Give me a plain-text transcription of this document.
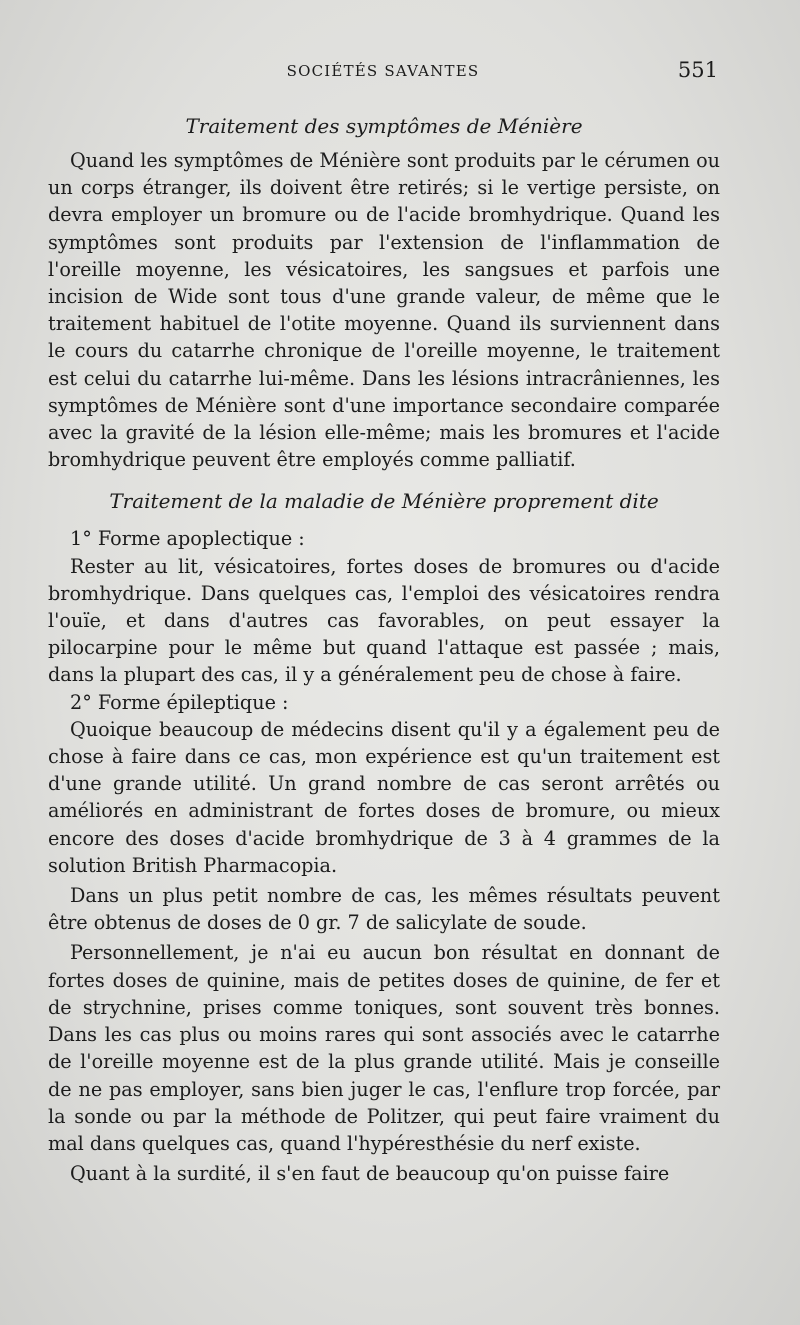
SOCIÉTÉS SAVANTES	551

Traitement des symptômes de Ménière

Quand les symptômes de Ménière sont produits par le cérumen ou un corps étranger, ils doivent être retirés; si le vertige persiste, on devra employer un bromure ou de l'acide bromhydrique. Quand les symptômes sont produits par l'extension de l'inflammation de l'oreille moyenne, les vésicatoires, les sangsues et parfois une incision de Wide sont tous d'une grande valeur, de même que le traitement habituel de l'otite moyenne. Quand ils surviennent dans le cours du catarrhe chronique de l'oreille moyenne, le traitement est celui du catarrhe lui-même. Dans les lésions intracrâniennes, les symptômes de Ménière sont d'une importance secondaire comparée avec la gravité de la lésion elle-même; mais les bromures et l'acide bromhydrique peuvent être employés comme palliatif.

Traitement de la maladie de Ménière proprement dite

1° Forme apoplectique :

Rester au lit, vésicatoires, fortes doses de bromures ou d'acide bromhydrique. Dans quelques cas, l'emploi des vésicatoires rendra l'ouïe, et dans d'autres cas favorables, on peut essayer la pilocarpine pour le même but quand l'attaque est passée ; mais, dans la plupart des cas, il y a généralement peu de chose à faire.

2° Forme épileptique :

Quoique beaucoup de médecins disent qu'il y a également peu de chose à faire dans ce cas, mon expérience est qu'un traitement est d'une grande utilité. Un grand nombre de cas seront arrêtés ou améliorés en administrant de fortes doses de bromure, ou mieux encore des doses d'acide bromhydrique de 3 à 4 grammes de la solution British Pharmacopia.

Dans un plus petit nombre de cas, les mêmes résultats peuvent être obtenus de doses de 0 gr. 7 de salicylate de soude.

Personnellement, je n'ai eu aucun bon résultat en donnant de fortes doses de quinine, mais de petites doses de quinine, de fer et de strychnine, prises comme toniques, sont souvent très bonnes. Dans les cas plus ou moins rares qui sont associés avec le catarrhe de l'oreille moyenne est de la plus grande utilité. Mais je conseille de ne pas employer, sans bien juger le cas, l'enflure trop forcée, par la sonde ou par la méthode de Politzer, qui peut faire vraiment du mal dans quelques cas, quand l'hypéresthésie du nerf existe.

Quant à la surdité, il s'en faut de beaucoup qu'on puisse faire
